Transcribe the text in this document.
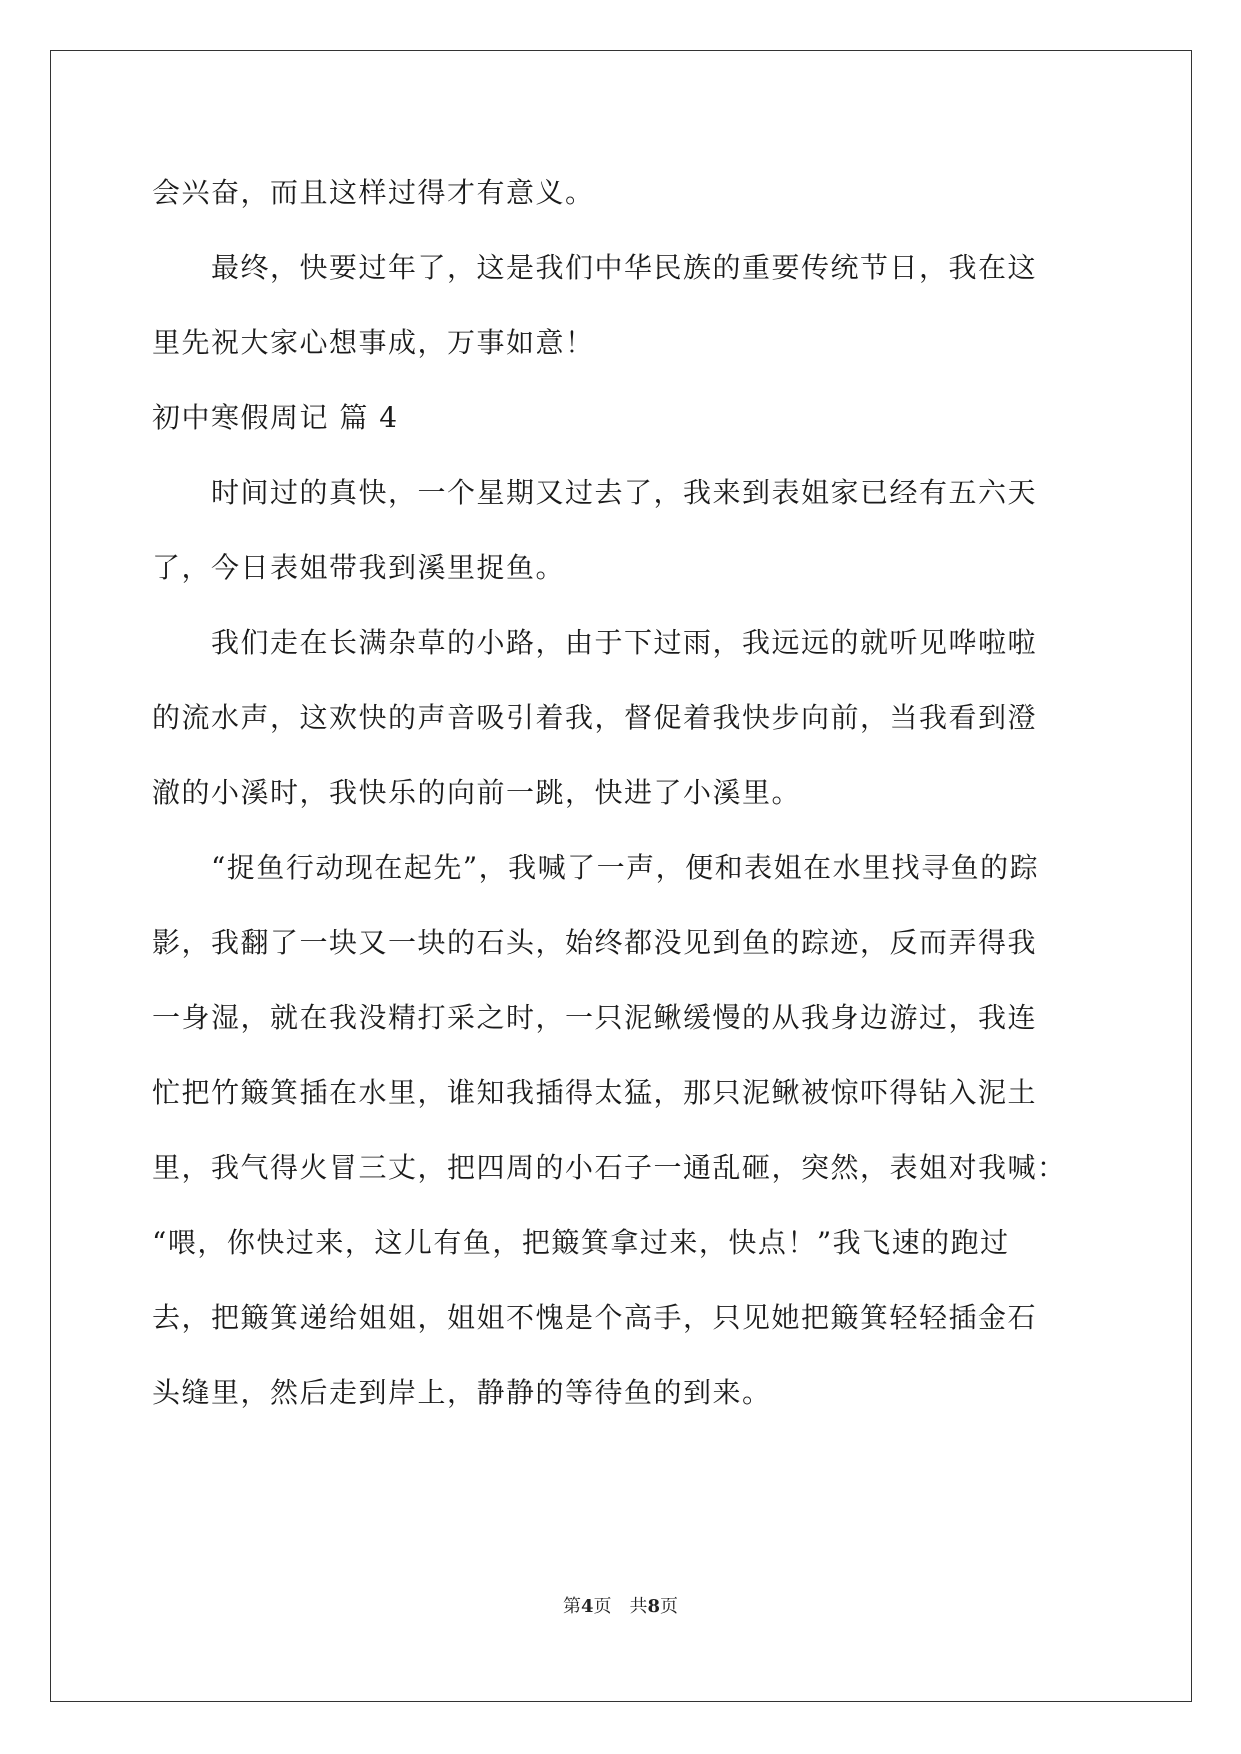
会兴奋，而且这样过得才有意义。
　　最终，快要过年了，这是我们中华民族的重要传统节日，我在这
里先祝大家心想事成，万事如意！
初中寒假周记 篇 4
　　时间过的真快，一个星期又过去了，我来到表姐家已经有五六天
了，今日表姐带我到溪里捉鱼。
　　我们走在长满杂草的小路，由于下过雨，我远远的就听见哗啦啦
的流水声，这欢快的声音吸引着我，督促着我快步向前，当我看到澄
澈的小溪时，我快乐的向前一跳，快进了小溪里。
　　“捉鱼行动现在起先”，我喊了一声，便和表姐在水里找寻鱼的踪
影，我翻了一块又一块的石头，始终都没见到鱼的踪迹，反而弄得我
一身湿，就在我没精打采之时，一只泥鳅缓慢的从我身边游过，我连
忙把竹簸箕插在水里，谁知我插得太猛，那只泥鳅被惊吓得钻入泥土
里，我气得火冒三丈，把四周的小石子一通乱砸，突然，表姐对我喊：
“喂，你快过来，这儿有鱼，把簸箕拿过来，快点！”我飞速的跑过
去，把簸箕递给姐姐，姐姐不愧是个高手，只见她把簸箕轻轻插金石
头缝里，然后走到岸上，静静的等待鱼的到来。
第4页　共8页
